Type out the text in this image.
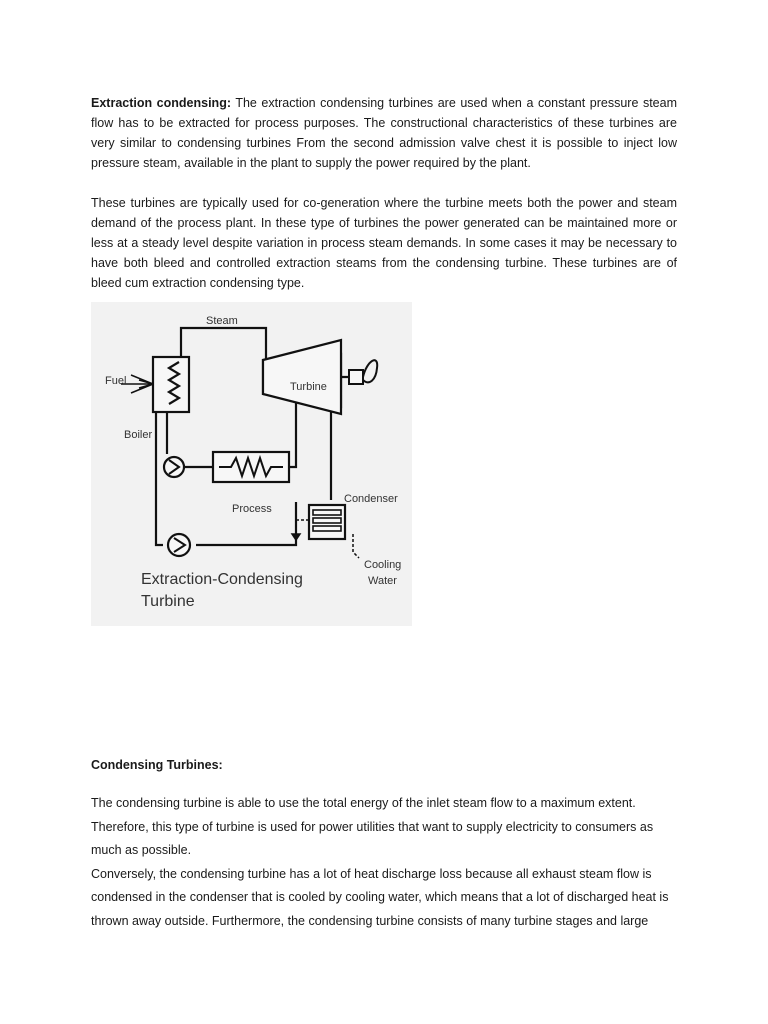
Extraction condensing: The extraction condensing turbines are used when a constant pressure steam flow has to be extracted for process purposes. The constructional characteristics of these turbines are very similar to condensing turbines From the second admission valve chest it is possible to inject low pressure steam, available in the plant to supply the power required by the plant.

These turbines are typically used for co-generation where the turbine meets both the power and steam demand of the process plant. In these type of turbines the power generated can be maintained more or less at a steady level despite variation in process steam demands. In some cases it may be necessary to have both bleed and controlled extraction steams from the condensing turbine. These turbines are of bleed cum extraction condensing type.

Steam
Fuel
Boiler
Turbine
Process
Condenser
Cooling
Water
Extraction-Condensing
Turbine

Condensing Turbines:

The condensing turbine is able to use the total energy of the inlet steam flow to a maximum extent.
Therefore, this type of turbine is used for power utilities that want to supply electricity to consumers as
much as possible.
Conversely, the condensing turbine has a lot of heat discharge loss because all exhaust steam flow is
condensed in the condenser that is cooled by cooling water, which means that a lot of discharged heat is
thrown away outside. Furthermore, the condensing turbine consists of many turbine stages and large
